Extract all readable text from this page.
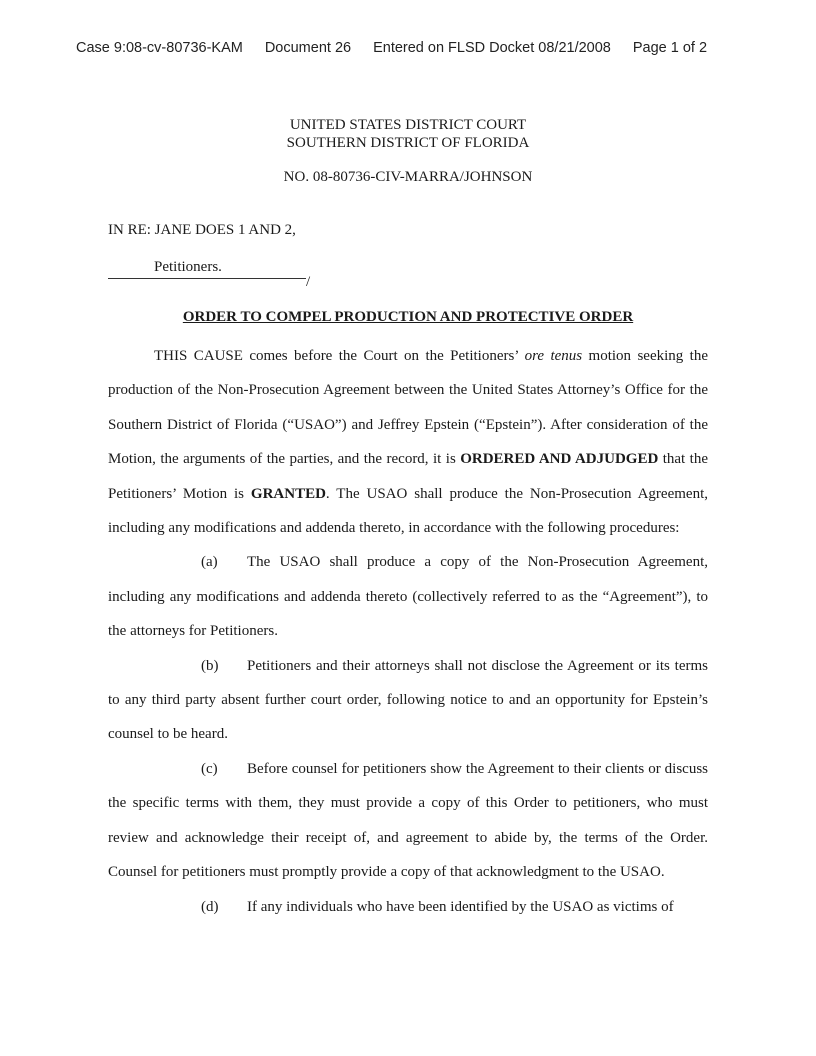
Case 9:08-cv-80736-KAM Document 26 Entered on FLSD Docket 08/21/2008 Page 1 of 2
UNITED STATES DISTRICT COURT
SOUTHERN DISTRICT OF FLORIDA
NO. 08-80736-CIV-MARRA/JOHNSON
IN RE: JANE DOES 1 AND 2,
Petitioners.
/
ORDER TO COMPEL PRODUCTION AND PROTECTIVE ORDER

THIS CAUSE comes before the Court on the Petitioners’ ore tenus motion seeking the production of the Non-Prosecution Agreement between the United States Attorney’s Office for the Southern District of Florida (“USAO”) and Jeffrey Epstein (“Epstein”). After consideration of the Motion, the arguments of the parties, and the record, it is ORDERED AND ADJUDGED that the Petitioners’ Motion is GRANTED. The USAO shall produce the Non-Prosecution Agreement, including any modifications and addenda thereto, in accordance with the following procedures:

(a) The USAO shall produce a copy of the Non-Prosecution Agreement, including any modifications and addenda thereto (collectively referred to as the “Agreement”), to the attorneys for Petitioners.

(b) Petitioners and their attorneys shall not disclose the Agreement or its terms to any third party absent further court order, following notice to and an opportunity for Epstein’s counsel to be heard.

(c) Before counsel for petitioners show the Agreement to their clients or discuss the specific terms with them, they must provide a copy of this Order to petitioners, who must review and acknowledge their receipt of, and agreement to abide by, the terms of the Order. Counsel for petitioners must promptly provide a copy of that acknowledgment to the USAO.

(d) If any individuals who have been identified by the USAO as victims of
